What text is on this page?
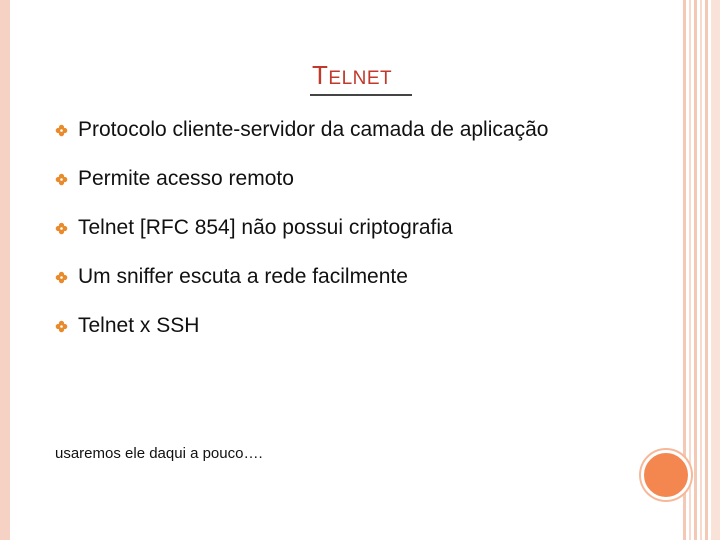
TELNET
Protocolo cliente-servidor da camada de aplicação
Permite acesso remoto
Telnet [RFC 854] não possui criptografia
Um sniffer escuta a rede facilmente
Telnet x SSH
usaremos ele daqui a pouco….
